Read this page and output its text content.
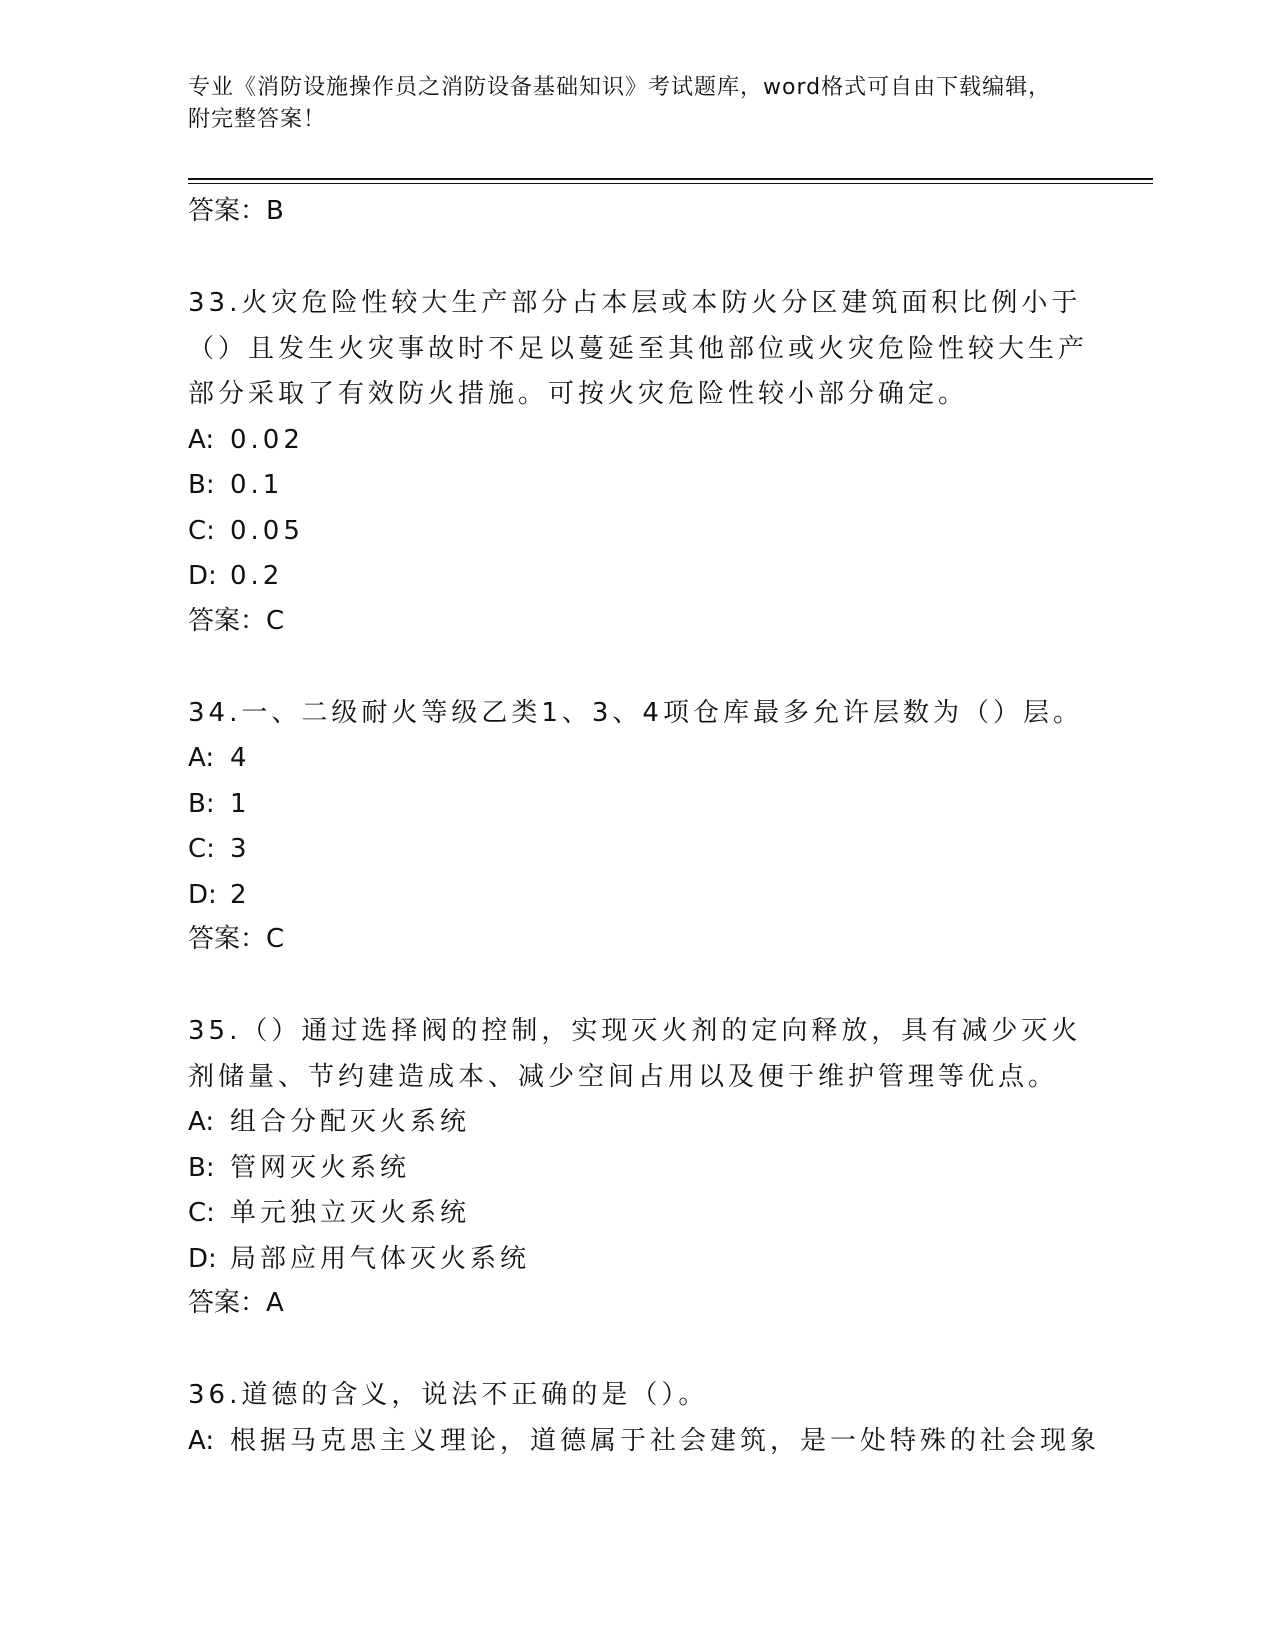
专业《消防设施操作员之消防设备基础知识》考试题库，word格式可自由下载编辑，附完整答案！
答案：B
33.火灾危险性较大生产部分占本层或本防火分区建筑面积比例小于（）且发生火灾事故时不足以蔓延至其他部位或火灾危险性较大生产部分采取了有效防火措施。可按火灾危险性较小部分确定。
A: 0.02
B: 0.1
C: 0.05
D: 0.2
答案：C
34.一、二级耐火等级乙类1、3、4项仓库最多允许层数为（）层。
A: 4
B: 1
C: 3
D: 2
答案：C
35.（）通过选择阀的控制，实现灭火剂的定向释放，具有减少灭火剂储量、节约建造成本、减少空间占用以及便于维护管理等优点。
A: 组合分配灭火系统
B: 管网灭火系统
C: 单元独立灭火系统
D: 局部应用气体灭火系统
答案：A
36.道德的含义，说法不正确的是（）。
A: 根据马克思主义理论，道德属于社会建筑，是一处特殊的社会现象
